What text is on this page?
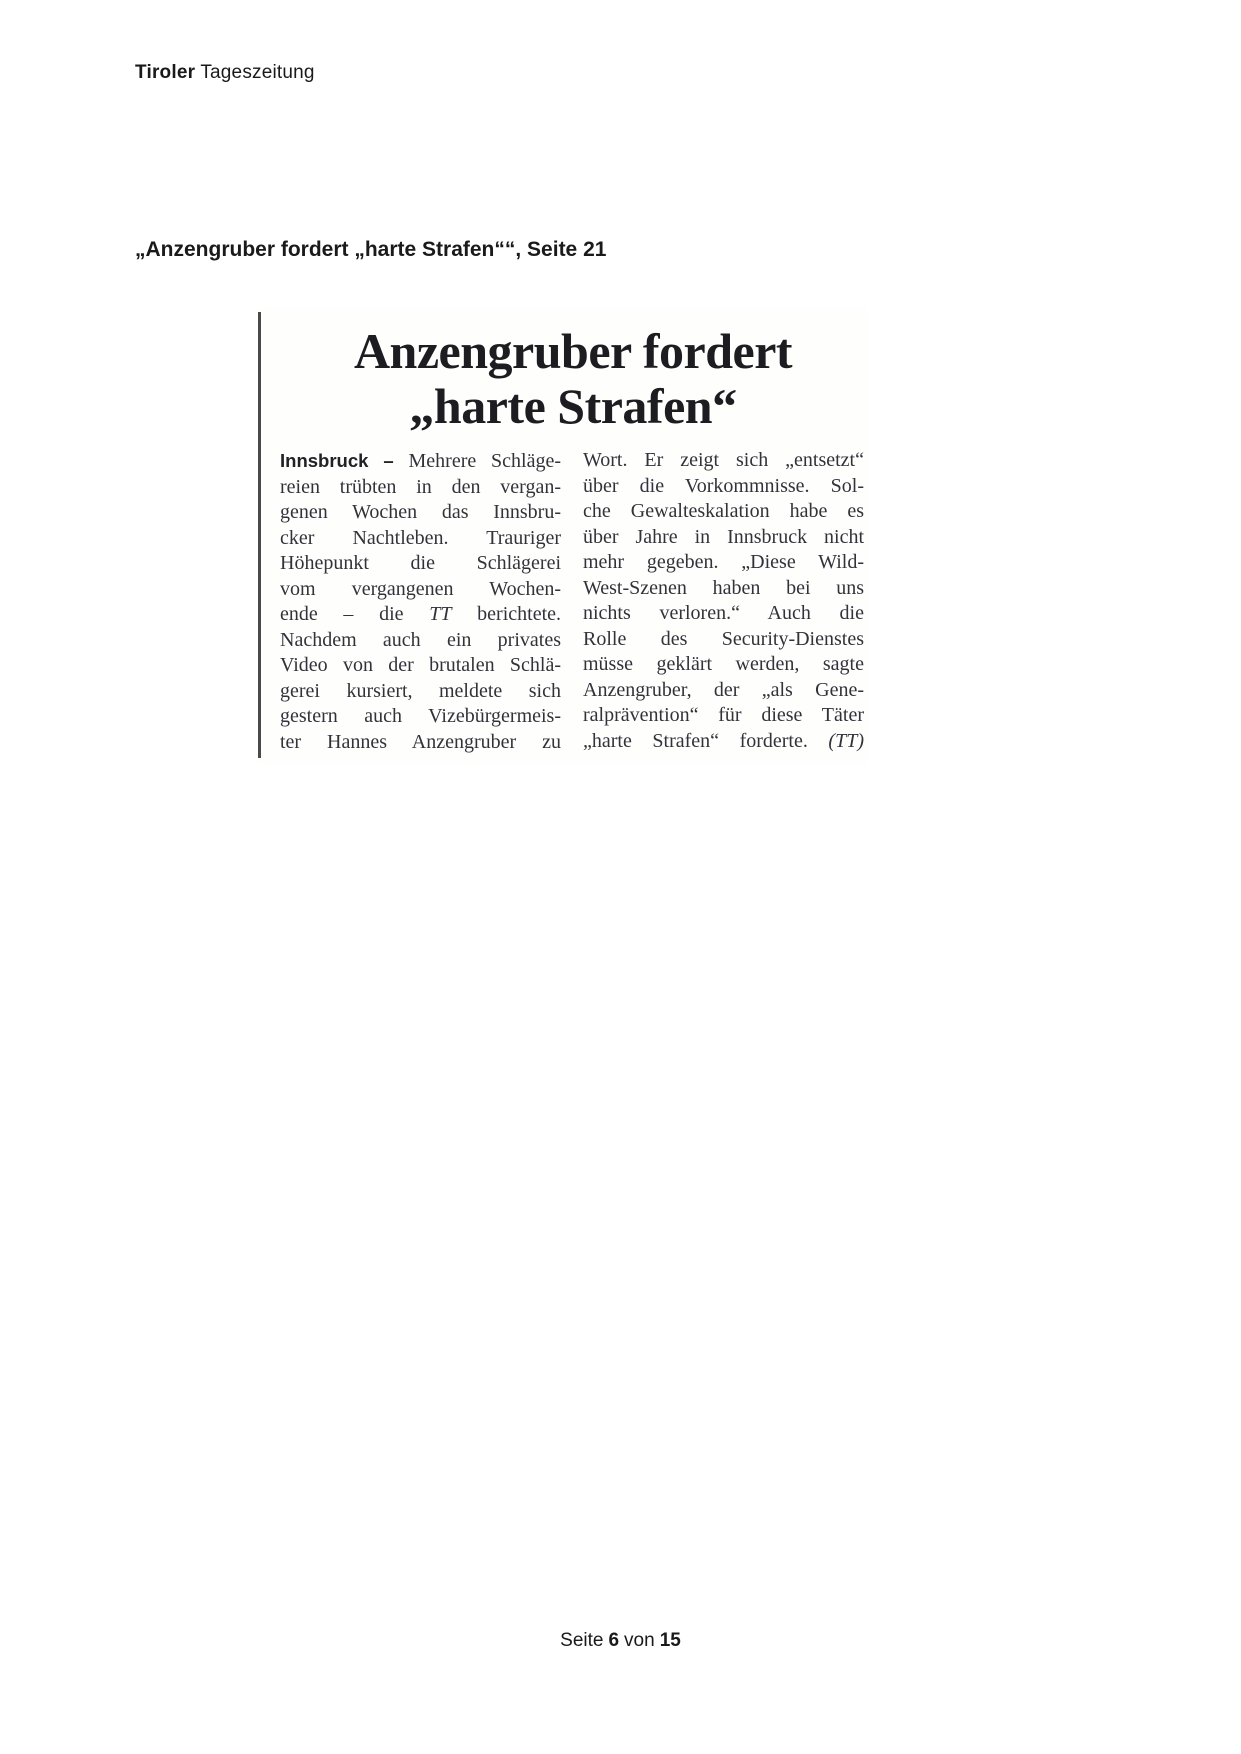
Tiroler Tageszeitung
„Anzengruber fordert „harte Strafen““, Seite 21
Anzengruber fordert
„harte Strafen“
Innsbruck – Mehrere Schläge-
reien trübten in den vergan-
genen Wochen das Innsbru-
cker Nachtleben. Trauriger
Höhepunkt die Schlägerei
vom vergangenen Wochen-
ende – die TT berichtete.
Nachdem auch ein privates
Video von der brutalen Schlä-
gerei kursiert, meldete sich
gestern auch Vizebürgermeis-
ter Hannes Anzengruber zu
Wort. Er zeigt sich „entsetzt“
über die Vorkommnisse. Sol-
che Gewalteskalation habe es
über Jahre in Innsbruck nicht
mehr gegeben. „Diese Wild-
West-Szenen haben bei uns
nichts verloren.“ Auch die
Rolle des Security-Dienstes
müsse geklärt werden, sagte
Anzengruber, der „als Gene-
ralprävention“ für diese Täter
„harte Strafen“ forderte. (TT)
Seite 6 von 15
